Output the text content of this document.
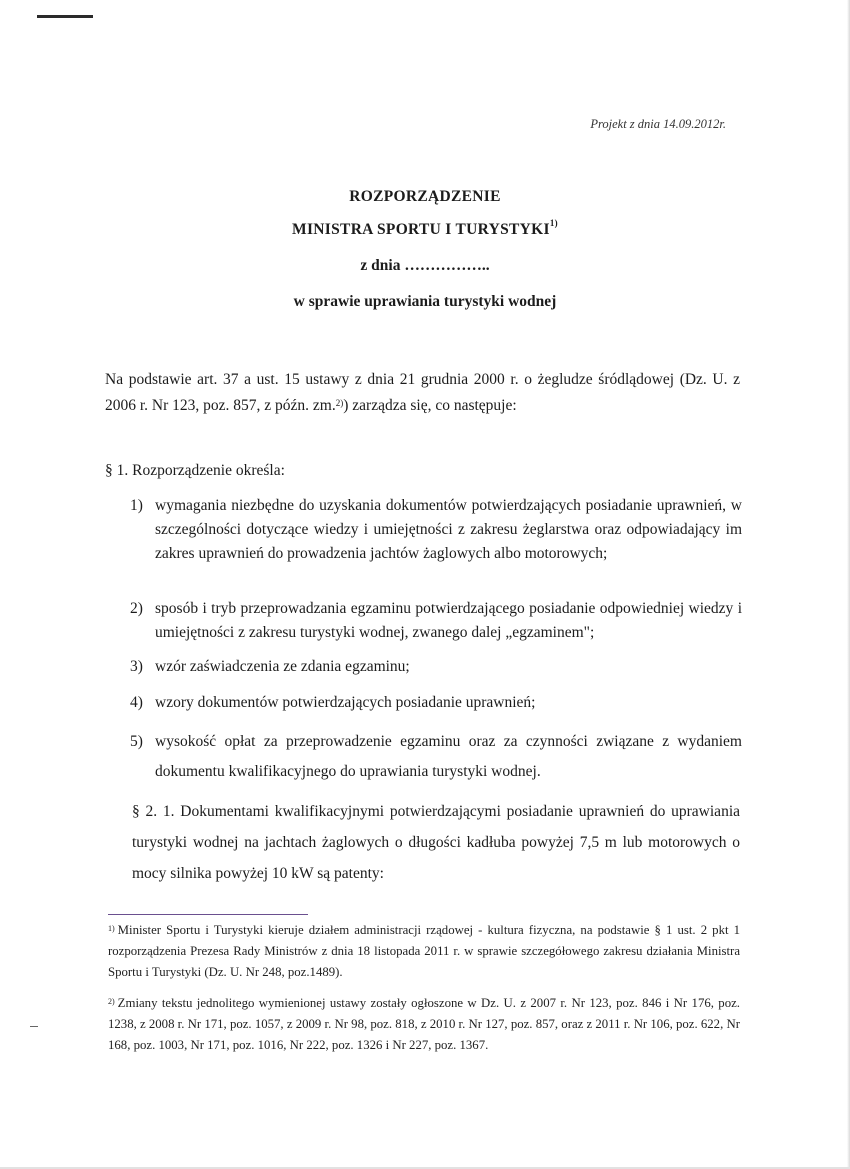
Projekt z dnia 14.09.2012r.
ROZPORZĄDZENIE
MINISTRA SPORTU I TURYSTYKI$^{1)}$
z dnia ……………..
w sprawie uprawiania turystyki wodnej
Na podstawie art. 37 a ust. 15 ustawy z dnia 21 grudnia 2000 r. o żegludze śródlądowej (Dz. U. z 2006 r. Nr 123, poz. 857, z późn. zm.$^{2)}$) zarządza się, co następuje:
§ 1. Rozporządzenie określa:
1) wymagania niezbędne do uzyskania dokumentów potwierdzających posiadanie uprawnień, w szczególności dotyczące wiedzy i umiejętności z zakresu żeglarstwa oraz odpowiadający im zakres uprawnień do prowadzenia jachtów żaglowych albo motorowych;
2) sposób i tryb przeprowadzania egzaminu potwierdzającego posiadanie odpowiedniej wiedzy i umiejętności z zakresu turystyki wodnej, zwanego dalej „egzaminem";
3) wzór zaświadczenia ze zdania egzaminu;
4) wzory dokumentów potwierdzających posiadanie uprawnień;
5) wysokość opłat za przeprowadzenie egzaminu oraz za czynności związane z wydaniem dokumentu kwalifikacyjnego do uprawiania turystyki wodnej.
§ 2. 1. Dokumentami kwalifikacyjnymi potwierdzającymi posiadanie uprawnień do uprawiania turystyki wodnej na jachtach żaglowych o długości kadłuba powyżej 7,5 m lub motorowych o mocy silnika powyżej 10 kW są patenty:
$^{1)}$ Minister Sportu i Turystyki kieruje działem administracji rządowej - kultura fizyczna, na podstawie § 1 ust. 2 pkt 1 rozporządzenia Prezesa Rady Ministrów z dnia 18 listopada 2011 r. w sprawie szczegółowego zakresu działania Ministra Sportu i Turystyki (Dz. U. Nr 248, poz.1489).
$^{2)}$ Zmiany tekstu jednolitego wymienionej ustawy zostały ogłoszone w Dz. U. z 2007 r. Nr 123, poz. 846 i Nr 176, poz. 1238, z 2008 r. Nr 171, poz. 1057, z 2009 r. Nr 98, poz. 818, z 2010 r. Nr 127, poz. 857, oraz z 2011 r. Nr 106, poz. 622, Nr 168, poz. 1003, Nr 171, poz. 1016, Nr 222, poz. 1326 i Nr 227, poz. 1367.
